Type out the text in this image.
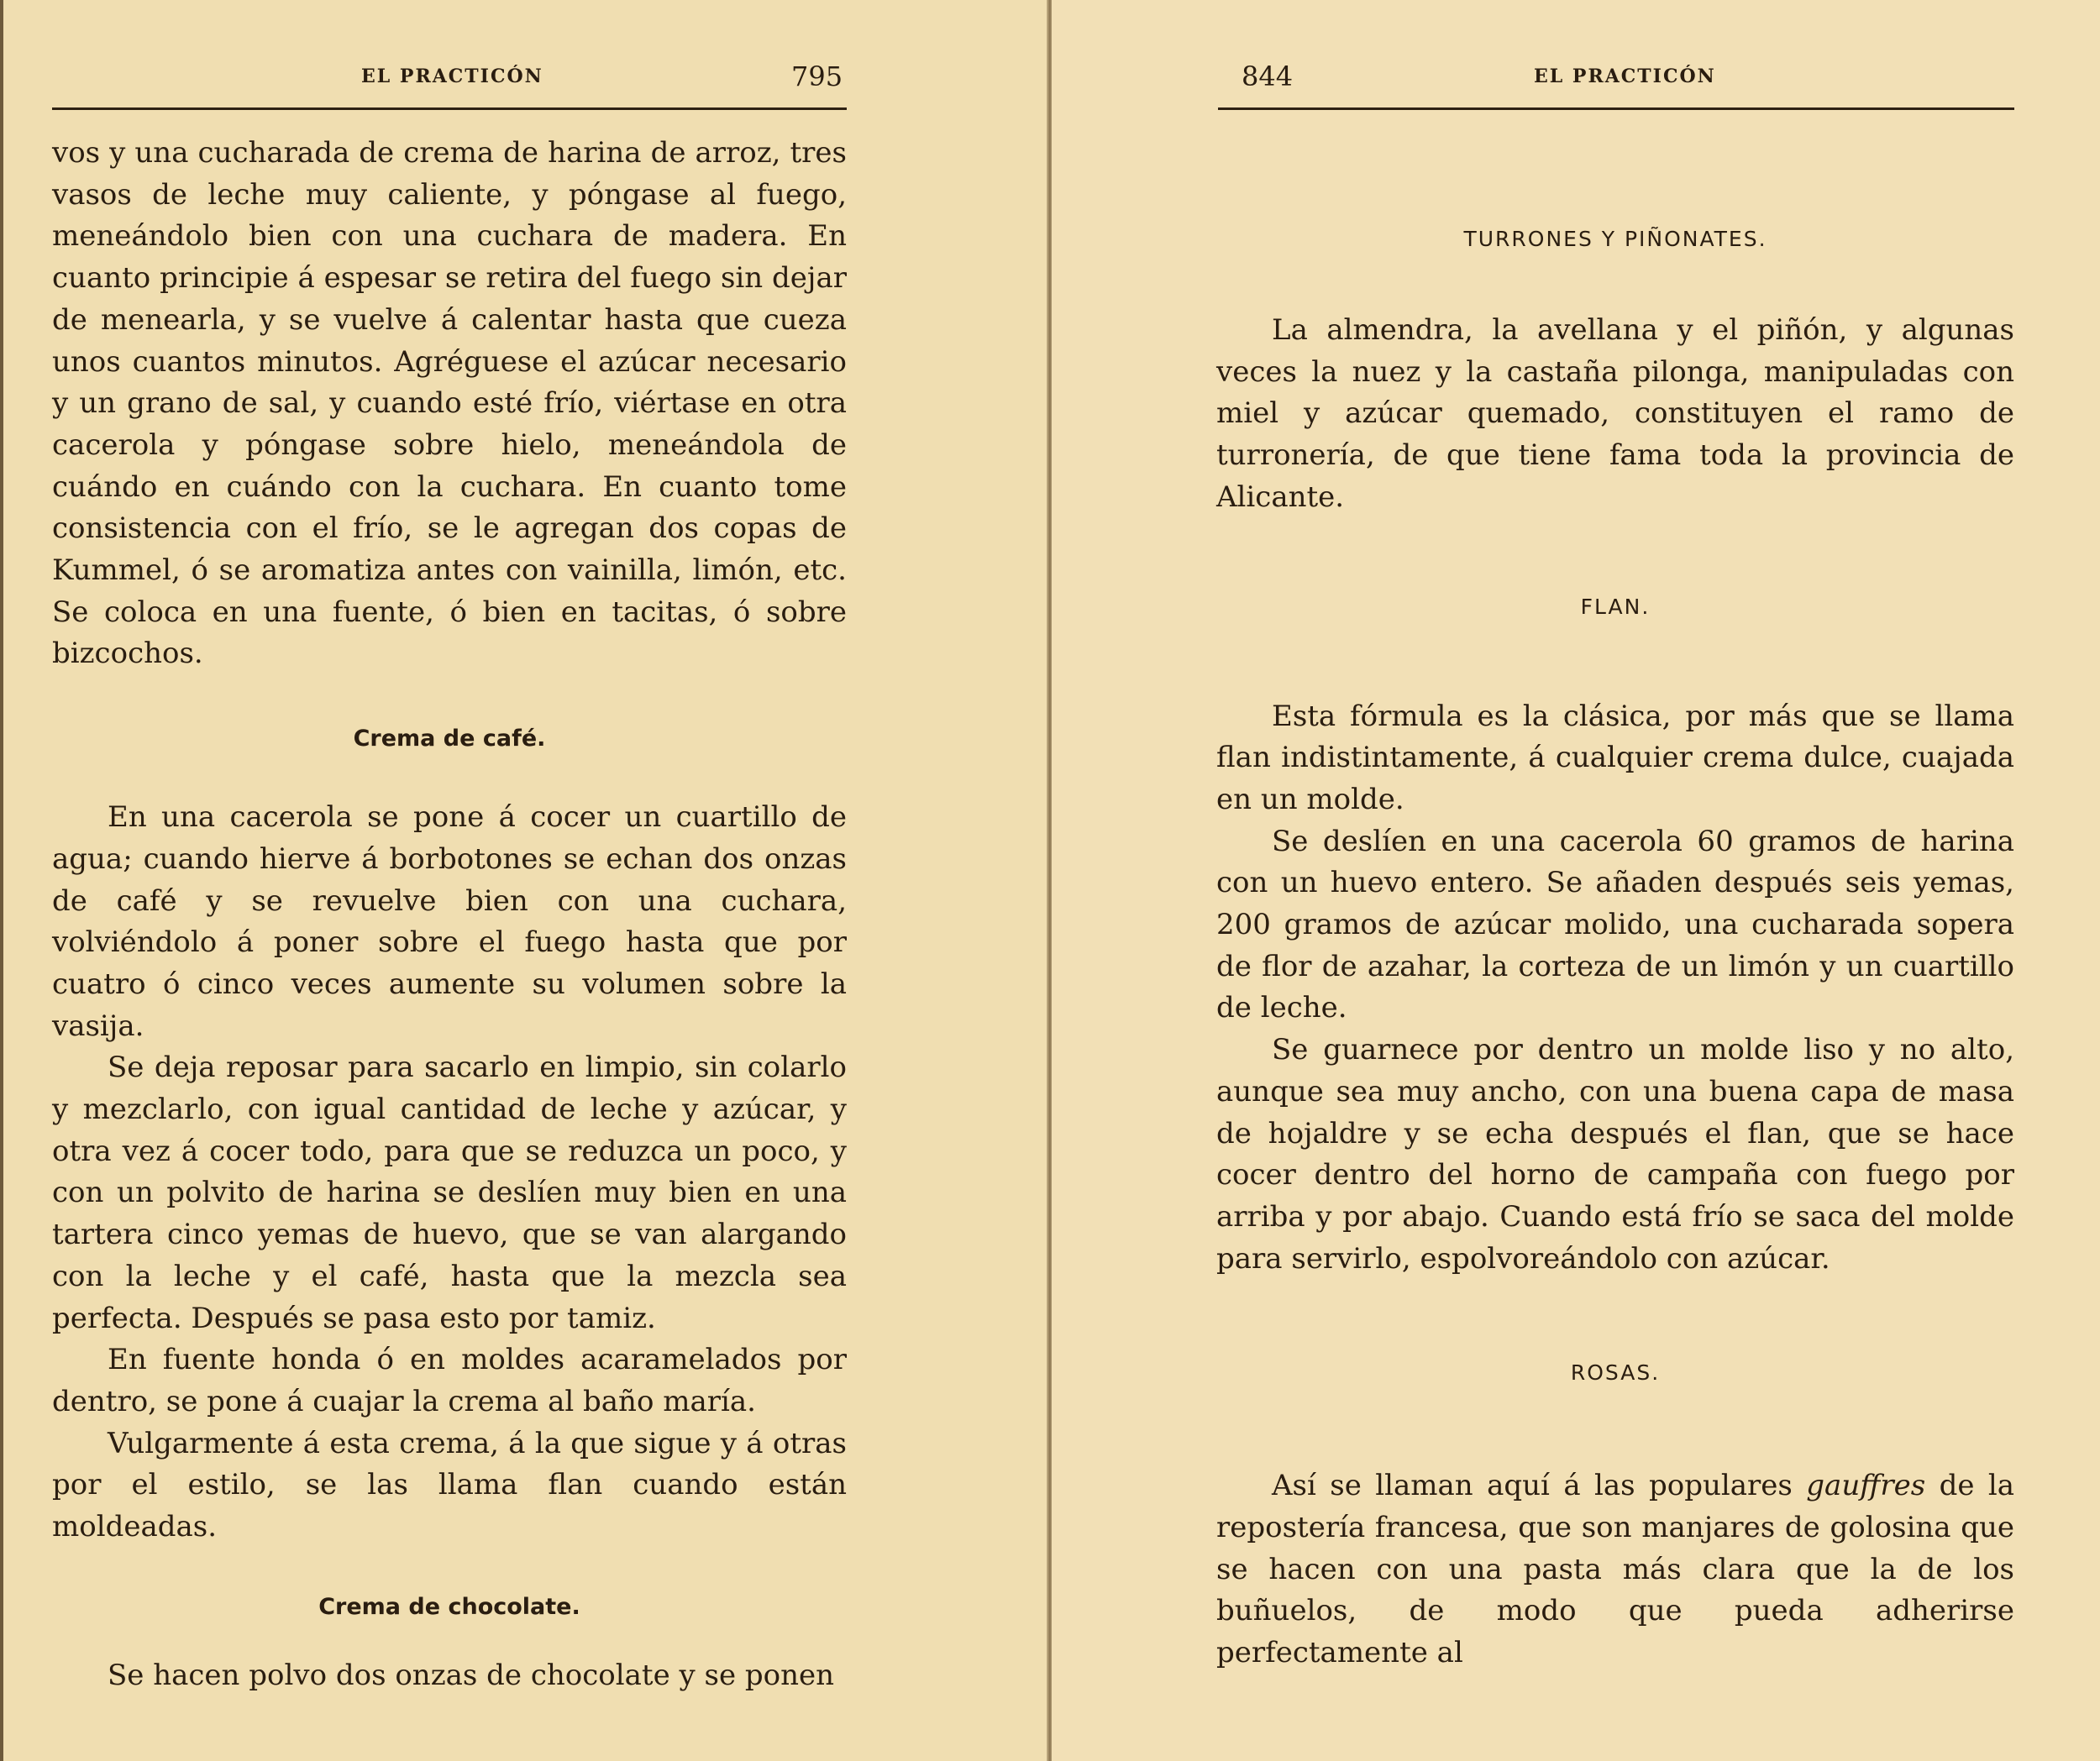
EL PRACTICÓN	795

vos y una cucharada de crema de harina de arroz, tres vasos de leche muy caliente, y póngase al fuego, meneándolo bien con una cuchara de madera. En cuanto principie á espesar se retira del fuego sin dejar de menearla, y se vuelve á calentar hasta que cueza unos cuantos minutos. Agréguese el azúcar necesario y un grano de sal, y cuando esté frío, viértase en otra cacerola y póngase sobre hielo, meneándola de cuándo en cuándo con la cuchara. En cuanto tome consistencia con el frío, se le agregan dos copas de Kummel, ó se aromatiza antes con vainilla, limón, etc. Se coloca en una fuente, ó bien en tacitas, ó sobre bizcochos.

Crema de café.

En una cacerola se pone á cocer un cuartillo de agua; cuando hierve á borbotones se echan dos onzas de café y se revuelve bien con una cuchara, volviéndolo á poner sobre el fuego hasta que por cuatro ó cinco veces aumente su volumen sobre la vasija.

Se deja reposar para sacarlo en limpio, sin colarlo y mezclarlo, con igual cantidad de leche y azúcar, y otra vez á cocer todo, para que se reduzca un poco, y con un polvito de harina se deslíen muy bien en una tartera cinco yemas de huevo, que se van alargando con la leche y el café, hasta que la mezcla sea perfecta. Después se pasa esto por tamiz.

En fuente honda ó en moldes acaramelados por dentro, se pone á cuajar la crema al baño maría.

Vulgarmente á esta crema, á la que sigue y á otras por el estilo, se las llama flan cuando están moldeadas.

Crema de chocolate.

Se hacen polvo dos onzas de chocolate y se ponen

844	EL PRACTICÓN

TURRONES Y PIÑONATES.

La almendra, la avellana y el piñón, y algunas veces la nuez y la castaña pilonga, manipuladas con miel y azúcar quemado, constituyen el ramo de turronería, de que tiene fama toda la provincia de Alicante.

FLAN.

Esta fórmula es la clásica, por más que se llama flan indistintamente, á cualquier crema dulce, cuajada en un molde.

Se deslíen en una cacerola 60 gramos de harina con un huevo entero. Se añaden después seis yemas, 200 gramos de azúcar molido, una cucharada sopera de flor de azahar, la corteza de un limón y un cuartillo de leche.

Se guarnece por dentro un molde liso y no alto, aunque sea muy ancho, con una buena capa de masa de hojaldre y se echa después el flan, que se hace cocer dentro del horno de campaña con fuego por arriba y por abajo. Cuando está frío se saca del molde para servirlo, espolvoreándolo con azúcar.

ROSAS.

Así se llaman aquí á las populares gauffres de la repostería francesa, que son manjares de golosina que se hacen con una pasta más clara que la de los buñuelos, de modo que pueda adherirse perfectamente al
